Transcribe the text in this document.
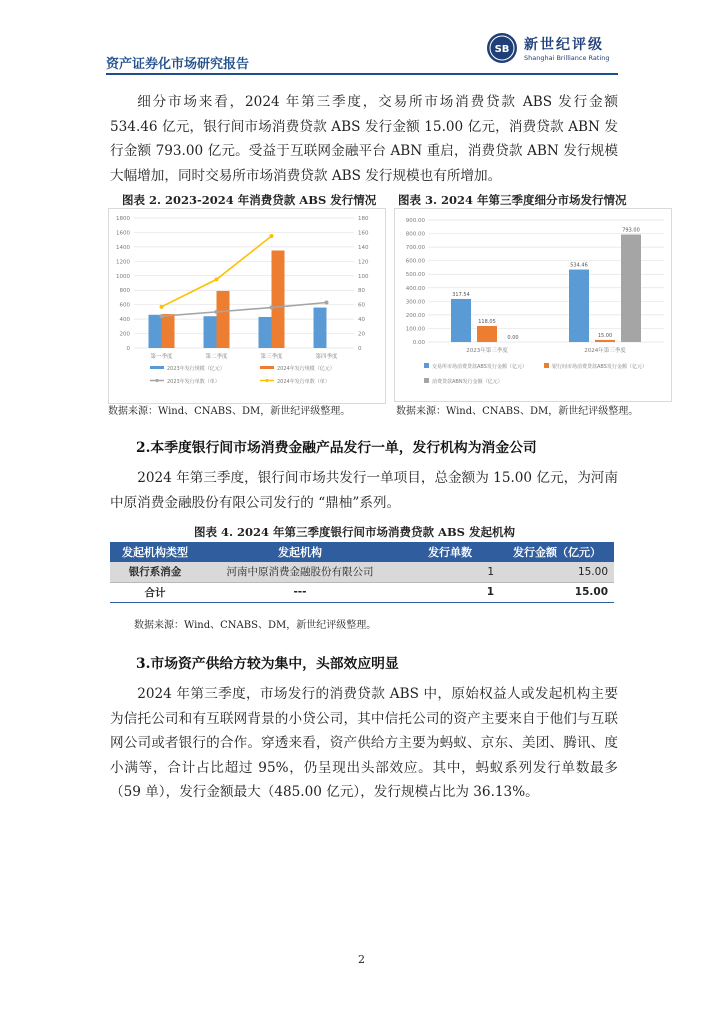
资产证券化市场研究报告
SB 新世纪评级
Shanghai Brilliance Rating

细分市场来看，2024 年第三季度，交易所市场消费贷款 ABS 发行金额 534.46 亿元，银行间市场消费贷款 ABS 发行金额 15.00 亿元，消费贷款 ABN 发行金额 793.00 亿元。受益于互联网金融平台 ABN 重启，消费贷款 ABN 发行规模大幅增加，同时交易所市场消费贷款 ABS 发行规模也有所增加。

图表 2. 2023-2024 年消费贷款 ABS 发行情况
0
200
400
600
800
1000
1200
1400
1600
1800
0
20
40
60
80
100
120
140
160
180
第一季度	第二季度	第三季度	第四季度
2023年发行规模（亿元）	2024年发行规模（亿元）
2023年发行单数（单）	2024年发行单数（单）
数据来源：Wind、CNABS、DM，新世纪评级整理。
图表 3. 2024 年第三季度细分市场发行情况
0.00
100.00
200.00
300.00
400.00
500.00
600.00
700.00
800.00
900.00
2023年第三季度
317.54
118.05
0.00
2024年第三季度
534.46
15.00
793.00
交易所市场消费贷款ABS发行金额（亿元）	银行间市场消费贷款ABS发行金额（亿元）
消费贷款ABN发行金额（亿元）
数据来源：Wind、CNABS、DM，新世纪评级整理。
2.本季度银行间市场消费金融产品发行一单，发行机构为消金公司

2024 年第三季度，银行间市场共发行一单项目，总金额为 15.00 亿元，为河南中原消费金融股份有限公司发行的 “鼎柚”系列。

图表 4. 2024 年第三季度银行间市场消费贷款 ABS 发起机构
发起机构类型	发起机构	发行单数	发行金额（亿元）
银行系消金	河南中原消费金融股份有限公司	1	15.00
合计	---	1	15.00
数据来源：Wind、CNABS、DM，新世纪评级整理。
3.市场资产供给方较为集中，头部效应明显

2024 年第三季度，市场发行的消费贷款 ABS 中，原始权益人或发起机构主要为信托公司和有互联网背景的小贷公司，其中信托公司的资产主要来自于他们与互联网公司或者银行的合作。穿透来看，资产供给方主要为蚂蚁、京东、美团、腾讯、度小满等，合计占比超过 95%，仍呈现出头部效应。其中，蚂蚁系列发行单数最多（59 单），发行金额最大（485.00 亿元），发行规模占比为 36.13%。

2
